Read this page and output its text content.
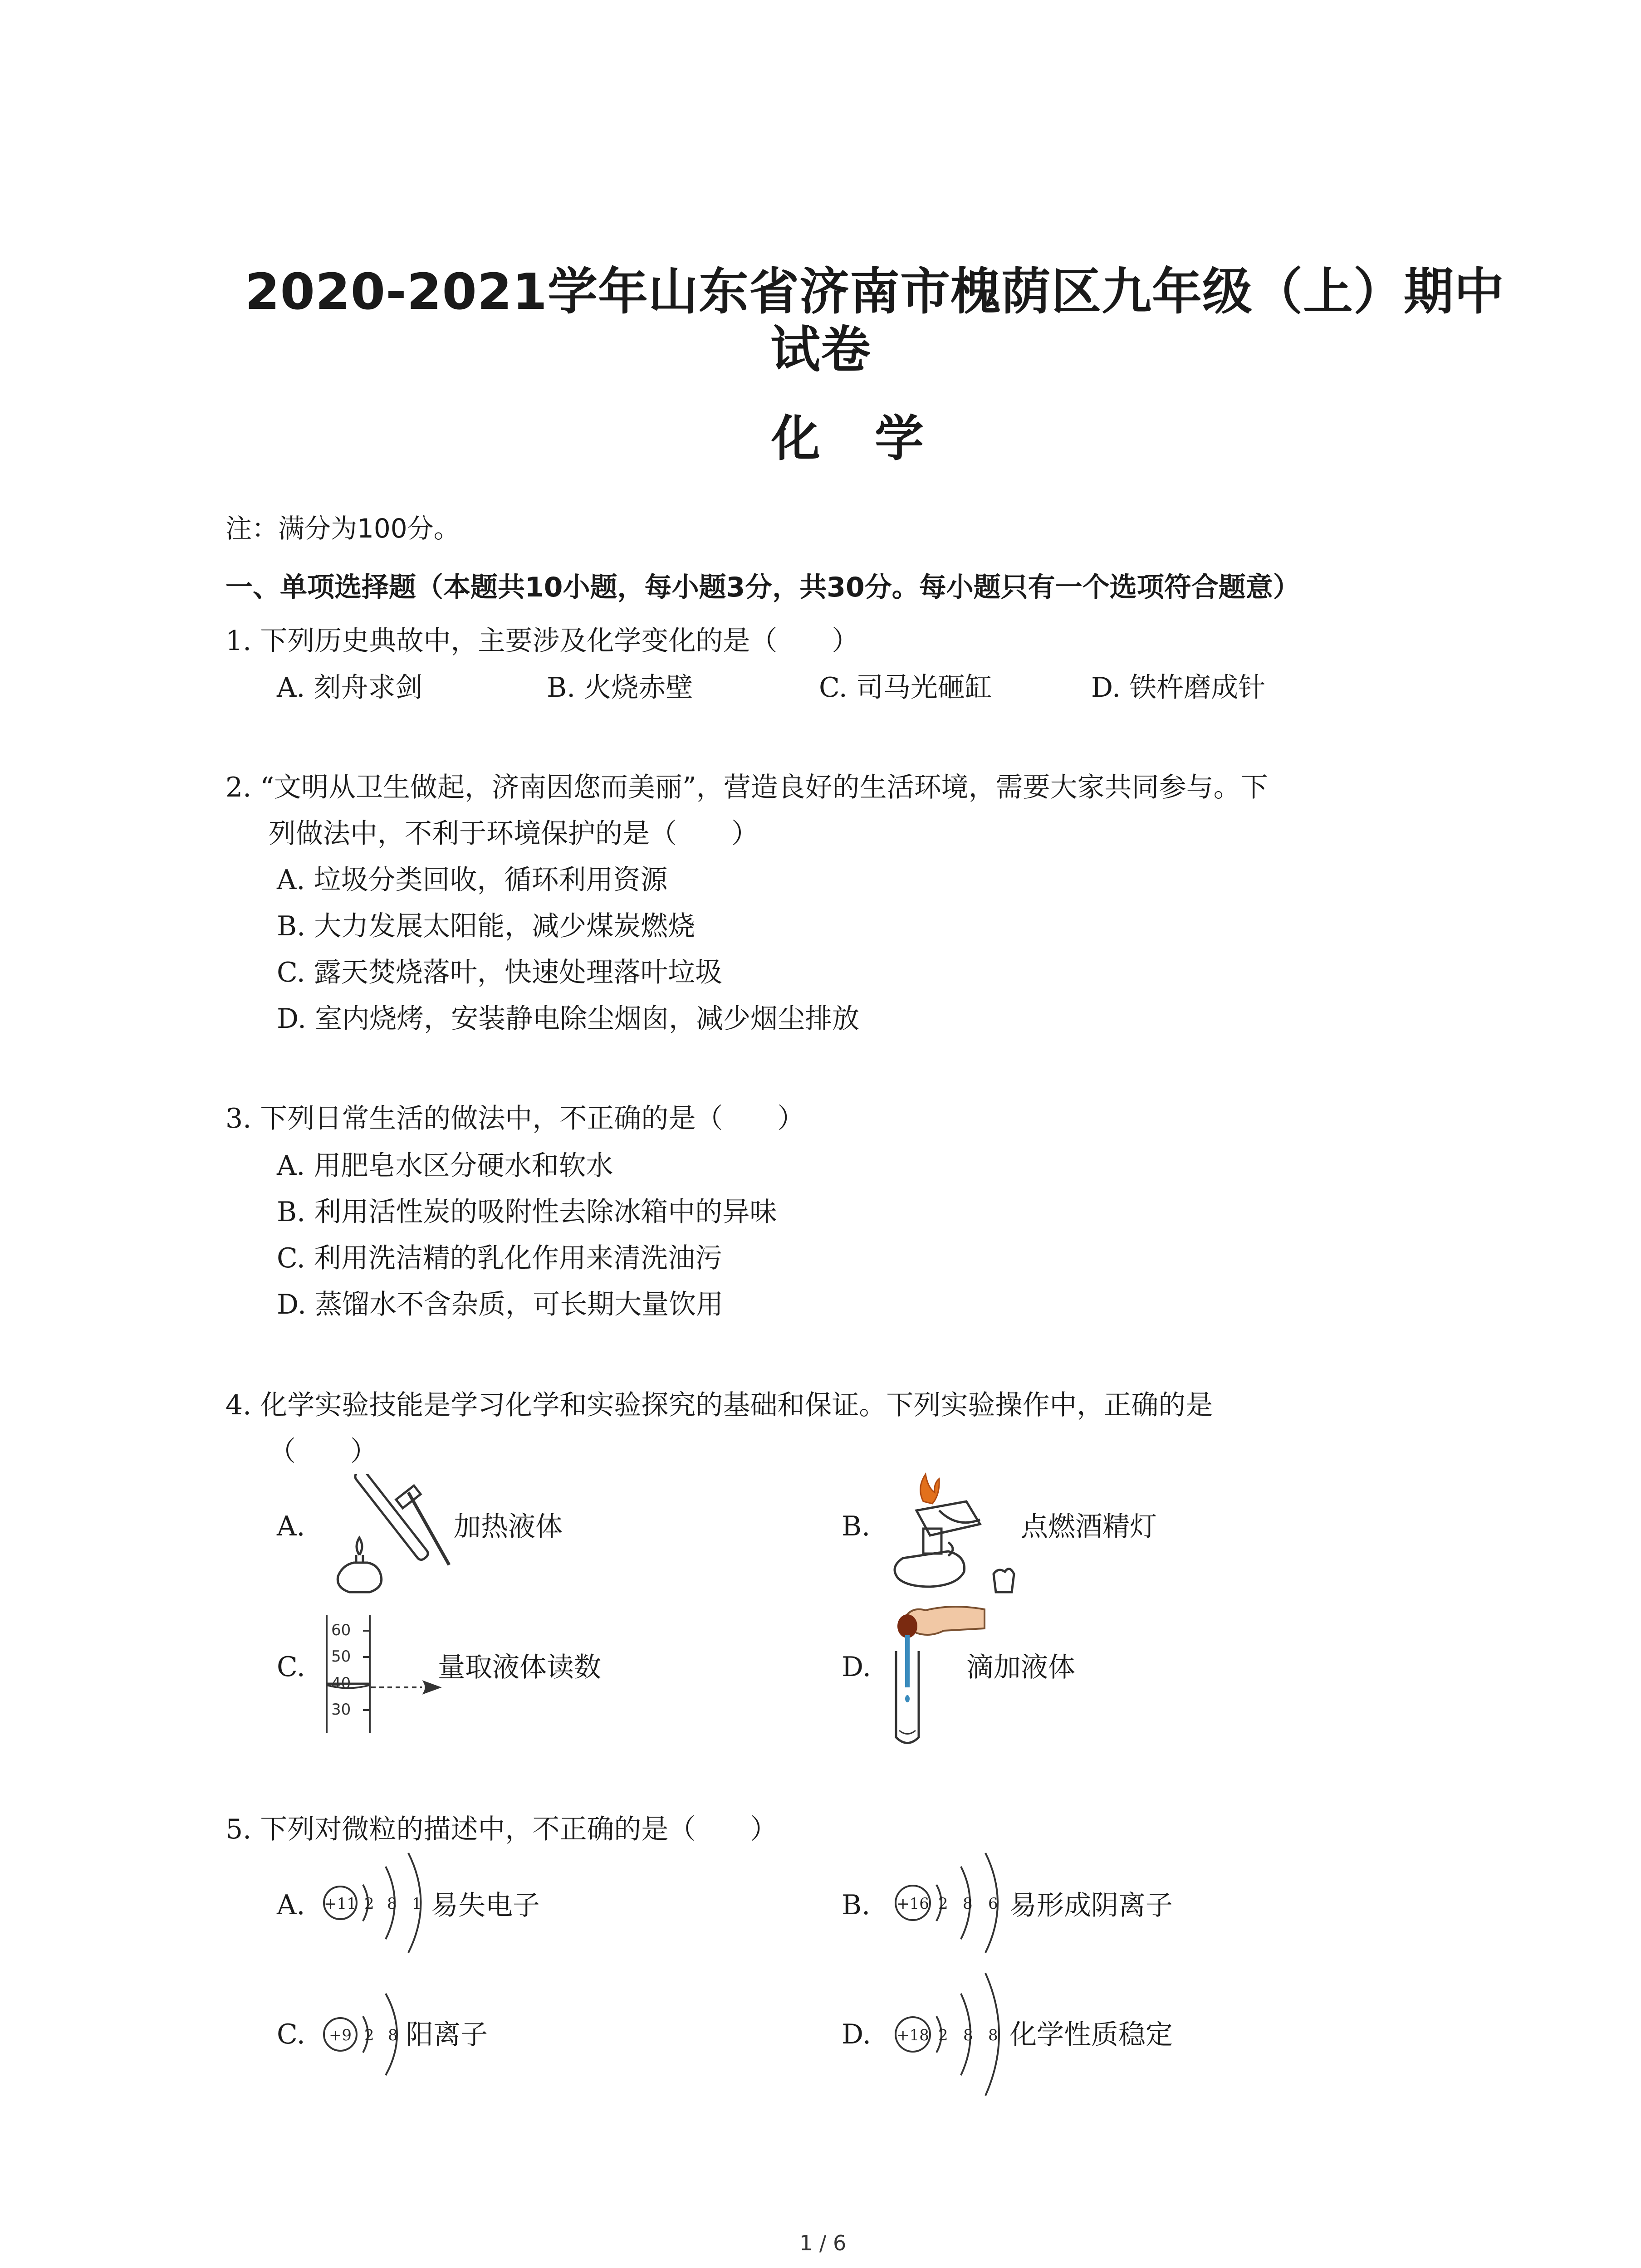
2020-2021学年山东省济南市槐荫区九年级（上）期中
试卷
化学
注：满分为100分。
一、单项选择题（本题共10小题，每小题3分，共30分。每小题只有一个选项符合题意）
1. 下列历史典故中，主要涉及化学变化的是（　　）
A. 刻舟求剑	B. 火烧赤壁	C. 司马光砸缸	D. 铁杵磨成针
2. “文明从卫生做起，济南因您而美丽”，营造良好的生活环境，需要大家共同参与。下
列做法中，不利于环境保护的是（　　）
A. 垃圾分类回收，循环利用资源
B. 大力发展太阳能，减少煤炭燃烧
C. 露天焚烧落叶，快速处理落叶垃圾
D. 室内烧烤，安装静电除尘烟囱，减少烟尘排放
3. 下列日常生活的做法中，不正确的是（　　）
A. 用肥皂水区分硬水和软水
B. 利用活性炭的吸附性去除冰箱中的异味
C. 利用洗洁精的乳化作用来清洗油污
D. 蒸馏水不含杂质，可长期大量饮用
4. 化学实验技能是学习化学和实验探究的基础和保证。下列实验操作中，正确的是
（　　）
A.	加热液体	B.	点燃酒精灯
C.
60
50
40
30
量取液体读数	D.	滴加液体
5. 下列对微粒的描述中，不正确的是（　　）
A. +11 2 8 1 易失电子	B. +16 2 8 6 易形成阴离子
C. +9 2 8 阳离子	D. +18 2 8 8 化学性质稳定
1 / 6
